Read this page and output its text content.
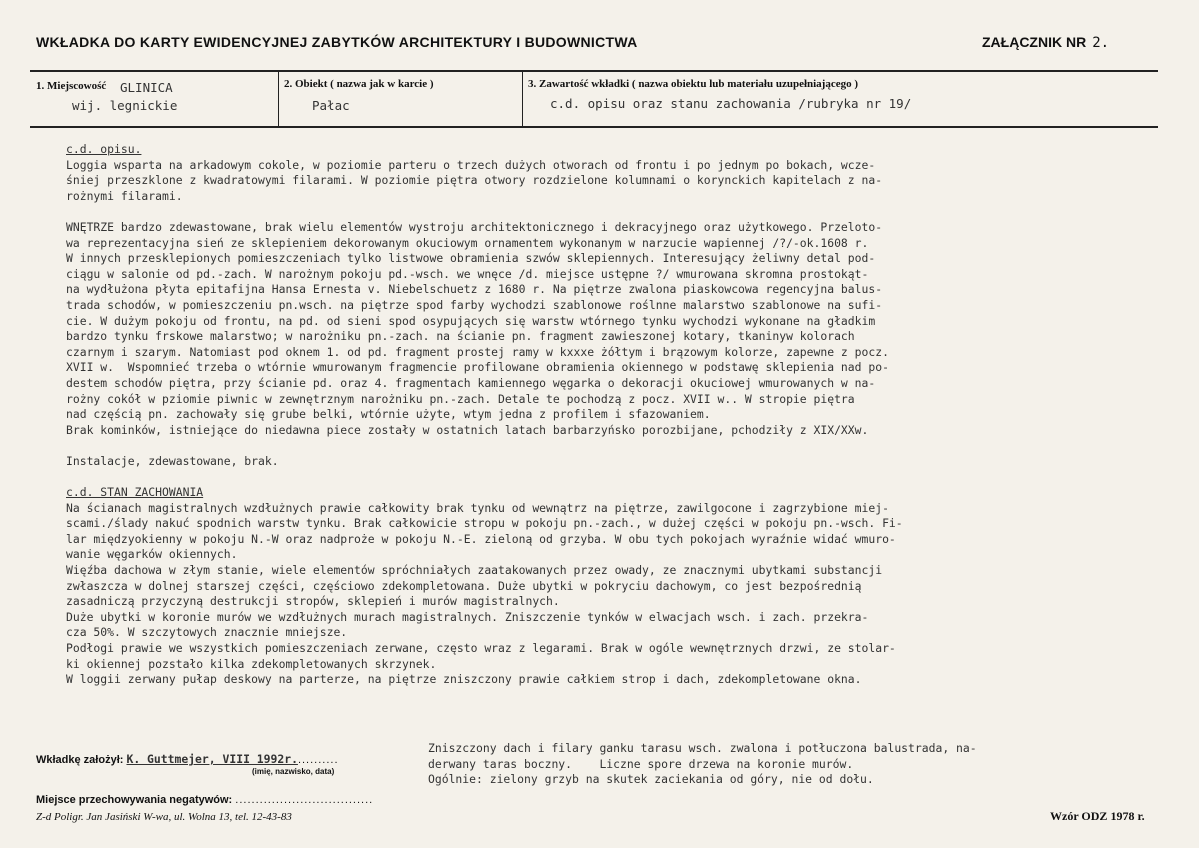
WKŁADKA DO KARTY EWIDENCYJNEJ ZABYTKÓW ARCHITEKTURY I BUDOWNICTWA	ZAŁĄCZNIK NR 2.
1. Miejscowość GLINICA
wij. legnickie
2. Obiekt ( nazwa jak w karcie )
Pałac
3. Zawartość wkładki ( nazwa obiektu lub materiału uzupełniającego )
c.d. opisu oraz stanu zachowania /rubryka nr 19/
c.d. opisu.
Loggia wsparta na arkadowym cokole, w poziomie parteru o trzech dużych otworach od frontu i po jednym po bokach, wcze-
śniej przeszklone z kwadratowymi filarami. W poziomie piętra otwory rozdzielone kolumnami o korynckich kapitelach z na-
rożnymi filarami.
WNĘTRZE bardzo zdewastowane, brak wielu elementów wystroju architektonicznego i dekracyjnego oraz użytkowego. Przeloto-
wa reprezentacyjna sień ze sklepieniem dekorowanym okuciowym ornamentem wykonanym w narzucie wapiennej /?/-ok.1608 r.
W innych przesklepionych pomieszczeniach tylko listwowe obramienia szwów sklepiennych. Interesujący żeliwny detal pod-
ciągu w salonie od pd.-zach. W narożnym pokoju pd.-wsch. we wnęce /d. miejsce ustępne ?/ wmurowana skromna prostokąt-
na wydłużona płyta epitafijna Hansa Ernesta v. Niebelschuetz z 1680 r. Na piętrze zwalona piaskowcowa regencyjna balus-
trada schodów, w pomieszczeniu pn.wsch. na piętrze spod farby wychodzi szablonowe roślnne malarstwo szablonowe na sufi-
cie. W dużym pokoju od frontu, na pd. od sieni spod osypujących się warstw wtórnego tynku wychodzi wykonane na gładkim
bardzo tynku frskowe malarstwo; w narożniku pn.-zach. na ścianie pn. fragment zawieszonej kotary, tkaninyw kolorach
czarnym i szarym. Natomiast pod oknem 1. od pd. fragment prostej ramy w kxxxe żółtym i brązowym kolorze, zapewne z pocz.
XVII w.  Wspomnieć trzeba o wtórnie wmurowanym fragmencie profilowane obramienia okiennego w podstawę sklepienia nad po-
destem schodów piętra, przy ścianie pd. oraz 4. fragmentach kamiennego węgarka o dekoracji okuciowej wmurowanych w na-
rożny cokół w pziomie piwnic w zewnętrznym narożniku pn.-zach. Detale te pochodzą z pocz. XVII w.. W stropie piętra
nad częścią pn. zachowały się grube belki, wtórnie użyte, wtym jedna z profilem i sfazowaniem.
Brak kominków, istniejące do niedawna piece zostały w ostatnich latach barbarzyńsko porozbijane, pchodziły z XIX/XXw.
Instalacje, zdewastowane, brak.
c.d. STAN ZACHOWANIA
Na ścianach magistralnych wzdłużnych prawie całkowity brak tynku od wewnątrz na piętrze, zawilgocone i zagrzybione miej-
scami./ślady nakuć spodnich warstw tynku. Brak całkowicie stropu w pokoju pn.-zach., w dużej części w pokoju pn.-wsch. Fi-
lar międzyokienny w pokoju N.-W oraz nadproże w pokoju N.-E. zieloną od grzyba. W obu tych pokojach wyraźnie widać wmuro-
wanie węgarków okiennych.
Więźba dachowa w złym stanie, wiele elementów spróchniałych zaatakowanych przez owady, ze znacznymi ubytkami substancji
zwłaszcza w dolnej starszej części, częściowo zdekompletowana. Duże ubytki w pokryciu dachowym, co jest bezpośrednią
zasadniczą przyczyną destrukcji stropów, sklepień i murów magistralnych.
Duże ubytki w koronie murów we wzdłużnych murach magistralnych. Zniszczenie tynków w elwacjach wsch. i zach. przekra-
cza 50%. W szczytowych znacznie mniejsze.
Podłogi prawie we wszystkich pomieszczeniach zerwane, często wraz z legarami. Brak w ogóle wewnętrznych drzwi, ze stolar-
ki okiennej pozstało kilka zdekompletowanych skrzynek.
W loggii zerwany pułap deskowy na parterze, na piętrze zniszczony prawie całkiem strop i dach, zdekompletowane okna.
Zniszczony dach i filary ganku tarasu wsch. zwalona i potłuczona balustrada, na-
derwany taras boczny.    Liczne spore drzewa na koronie murów.
Ogólnie: zielony grzyb na skutek zaciekania od góry, nie od dołu.
Wkładkę założył: K. Guttmejer, VIII 1992r...........
(imię, nazwisko, data)
Miejsce przechowywania negatywów: ..................................
Z-d Poligr. Jan Jasiński W-wa, ul. Wolna 13, tel. 12-43-83	Wzór ODZ 1978 r.
